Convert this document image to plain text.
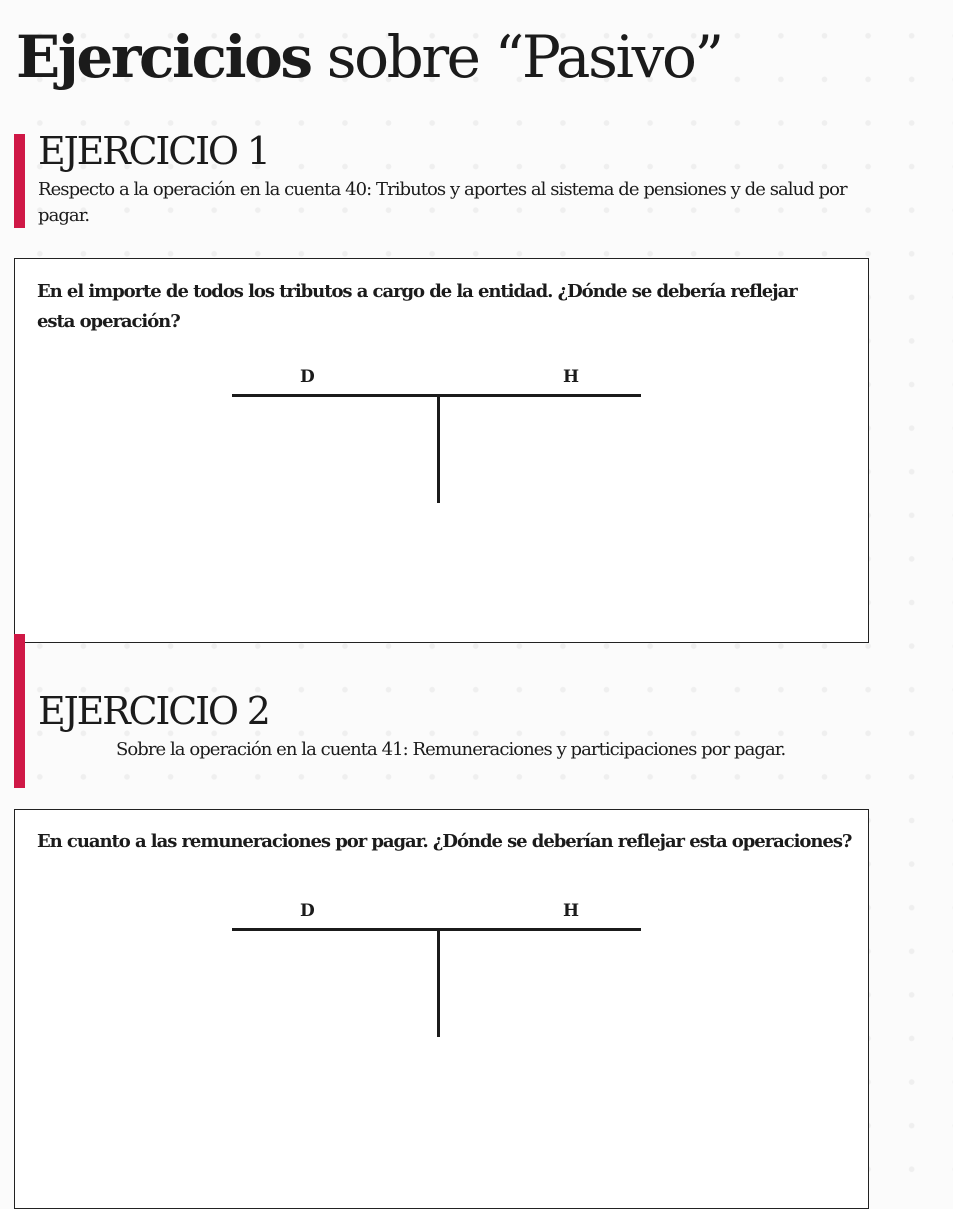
Ejercicios sobre “Pasivo”
EJERCICIO 1

Respecto a la operación en la cuenta 40: Tributos y aportes al sistema de pensiones y de salud por pagar.

En el importe de todos los tributos a cargo de la entidad. ¿Dónde se debería reflejar esta operación?

D	H
EJERCICIO 2

Sobre la operación en la cuenta 41: Remuneraciones y participaciones por pagar.

En cuanto a las remuneraciones por pagar. ¿Dónde se deberían reflejar esta operaciones?

D	H
